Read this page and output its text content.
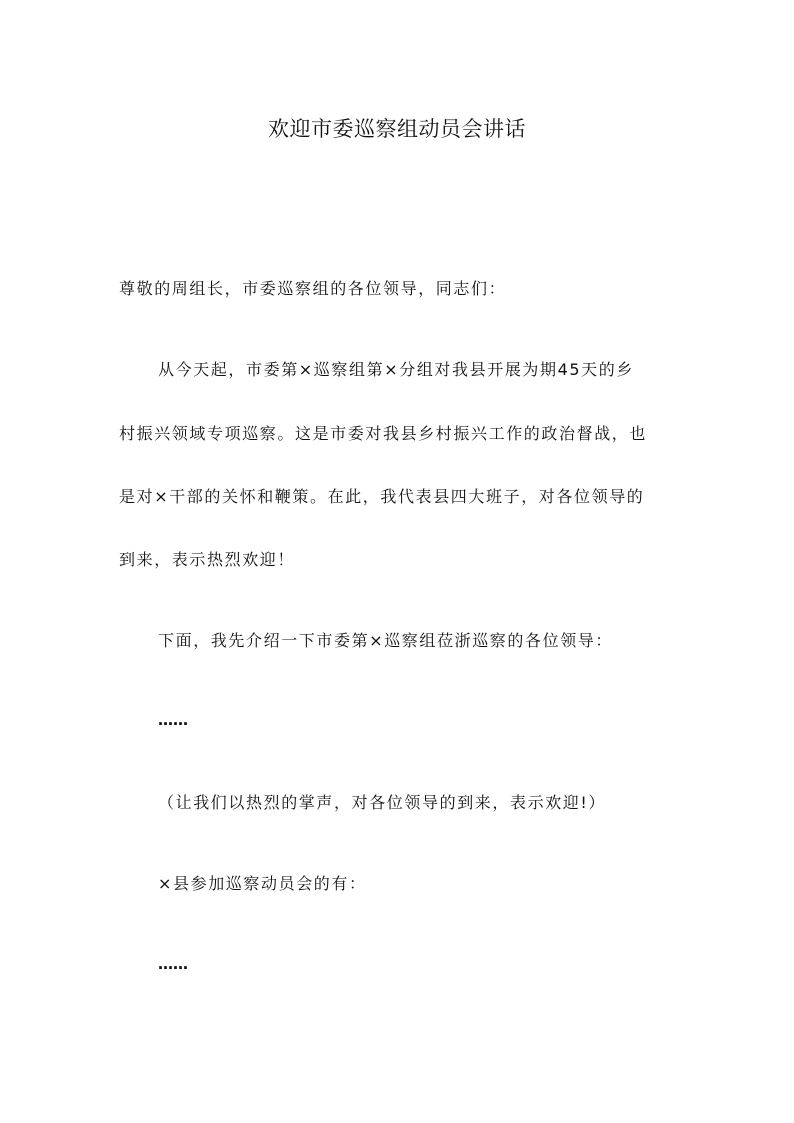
欢迎市委巡察组动员会讲话
尊敬的周组长，市委巡察组的各位领导，同志们：
从今天起，市委第×巡察组第×分组对我县开展为期45天的乡
村振兴领域专项巡察。这是市委对我县乡村振兴工作的政治督战，也
是对×干部的关怀和鞭策。在此，我代表县四大班子，对各位领导的
到来，表示热烈欢迎！
下面，我先介绍一下市委第×巡察组莅浙巡察的各位领导：
……
（让我们以热烈的掌声，对各位领导的到来，表示欢迎!）
×县参加巡察动员会的有：
……
